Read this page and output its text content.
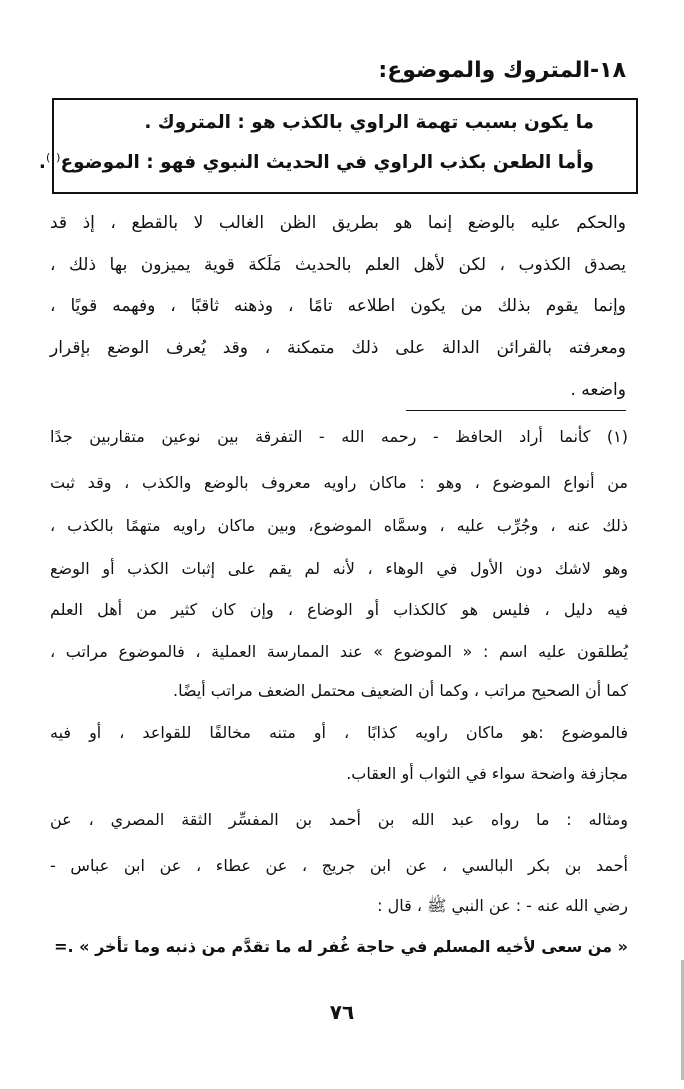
١٨-المتروك والموضوع:
ما يكون بسبب تهمة الراوي بالكذب هو : المتروك .
وأما الطعن بكذب الراوي في الحديث النبوي فهو : الموضوع$^{(١)}$.
والحكم عليه بالوضع إنما هو بطريق الظن الغالب لا بالقطع ، إذ قد
يصدق الكذوب ، لكن لأهل العلم بالحديث مَلَكة قوية يميزون بها ذلك ،
وإنما يقوم بذلك من يكون اطلاعه تامًا ، وذهنه ثاقبًا ، وفهمه قويًا ،
ومعرفته بالقرائن الدالة على ذلك متمكنة ، وقد يُعرف الوضع بإقرار
واضعه .
(١) كأنما أراد الحافظ - رحمه الله - التفرقة بين نوعين متقاربين جدًا
من أنواع الموضوع ، وهو : ماكان راويه معروف بالوضع والكذب ، وقد ثبت
ذلك عنه ، وجُرِّب عليه ، وسمَّاه الموضوع، وبين ماكان راويه متهمًا بالكذب ،
وهو لاشك دون الأول في الوهاء ، لأنه لم يقم على إثبات الكذب أو الوضع
فيه دليل ، فليس هو كالكذاب أو الوضاع ، وإن كان كثير من أهل العلم
يُطلقون عليه اسم : « الموضوع » عند الممارسة العملية ، فالموضوع مراتب ،
كما أن الصحيح مراتب ، وكما أن الضعيف محتمل الضعف مراتب أيضًا.
فالموضوع :هو ماكان راويه كذابًا ، أو متنه مخالفًا للقواعد ، أو فيه
مجازفة واضحة سواء في الثواب أو العقاب.
ومثاله : ما رواه عبد الله بن أحمد بن المفسِّر الثقة المصري ، عن
أحمد بن بكر البالسي ، عن ابن جريج ، عن عطاء ، عن ابن عباس -
رضي الله عنه - : عن النبي ﷺ ، قال :
« من سعى لأخيه المسلم في حاجة غُفر له ما تقدَّم من ذنبه وما تأخر » .=
٧٦
